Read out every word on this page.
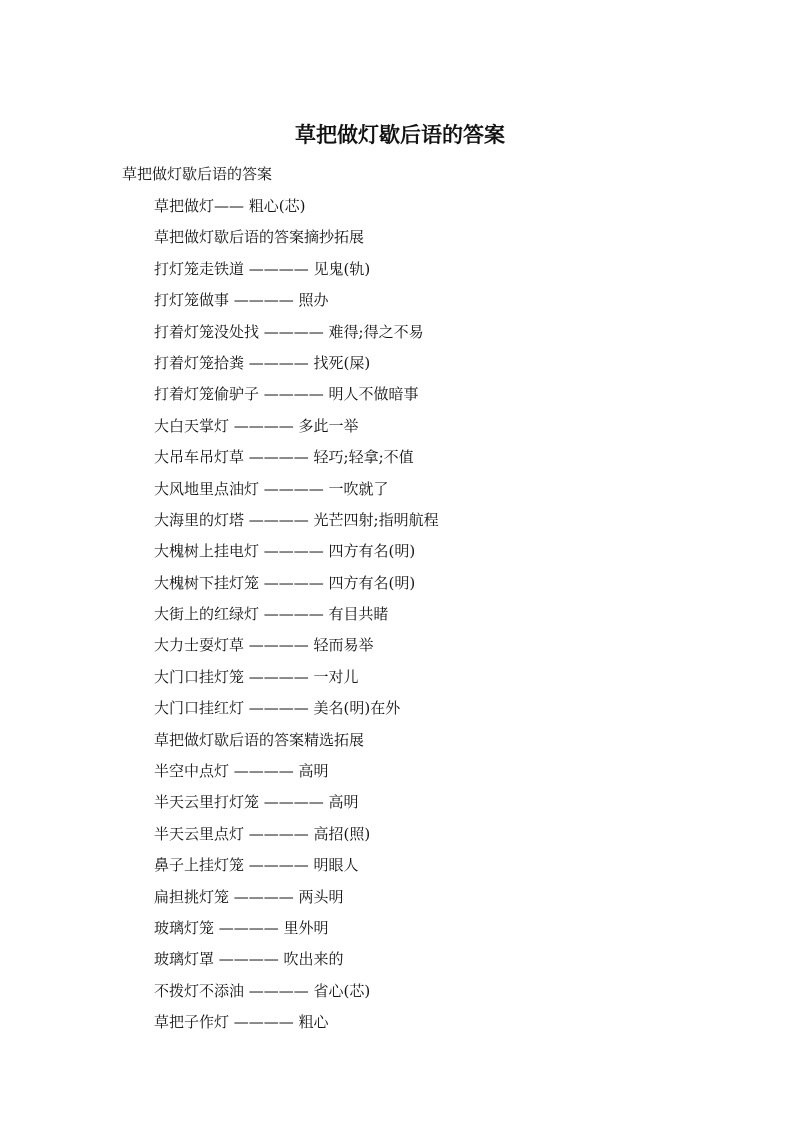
草把做灯歇后语的答案
草把做灯歇后语的答案
草把做灯—— 粗心(芯)
草把做灯歇后语的答案摘抄拓展
打灯笼走铁道 ———— 见鬼(轨)
打灯笼做事 ———— 照办
打着灯笼没处找 ———— 难得;得之不易
打着灯笼拾粪 ———— 找死(屎)
打着灯笼偷驴子 ———— 明人不做暗事
大白天掌灯 ———— 多此一举
大吊车吊灯草 ———— 轻巧;轻拿;不值
大风地里点油灯 ———— 一吹就了
大海里的灯塔 ———— 光芒四射;指明航程
大槐树上挂电灯 ———— 四方有名(明)
大槐树下挂灯笼 ———— 四方有名(明)
大街上的红绿灯 ———— 有目共睹
大力士耍灯草 ———— 轻而易举
大门口挂灯笼 ———— 一对儿
大门口挂红灯 ———— 美名(明)在外
草把做灯歇后语的答案精选拓展
半空中点灯 ———— 高明
半天云里打灯笼 ———— 高明
半天云里点灯 ———— 高招(照)
鼻子上挂灯笼 ———— 明眼人
扁担挑灯笼 ———— 两头明
玻璃灯笼 ———— 里外明
玻璃灯罩 ———— 吹出来的
不拨灯不添油 ———— 省心(芯)
草把子作灯 ———— 粗心
